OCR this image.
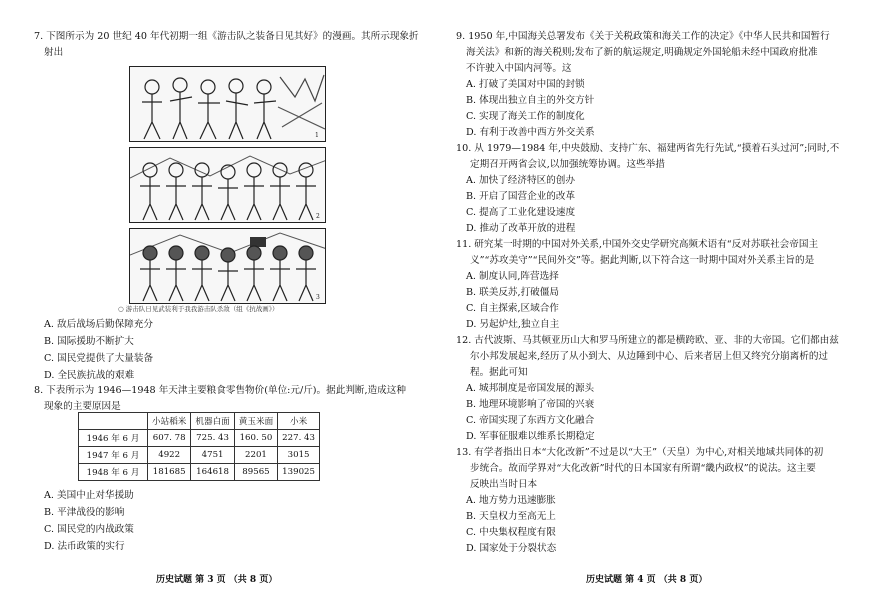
7. 下图所示为 20 世纪 40 年代初期一组《游击队之装备日见其好》的漫画。其所示现象折
射出
1
2
3
○ 游击队日见武装利于我我游击队杀敌（组《抗战画》）
A. 敌后战场后勤保障充分
B. 国际援助不断扩大
C. 国民党提供了大量装备
D. 全民族抗战的艰难
8. 下表所示为 1946—1948 年天津主要粮食零售物价(单位:元/斤)。据此判断,造成这种
现象的主要原因是
	小站稻米	机器白面	黄玉米面	小米
1946 年 6 月	607. 78	725. 43	160. 50	227. 43
1947 年 6 月	4922	4751	2201	3015
1948 年 6 月	181685	164618	89565	139025
A. 美国中止对华援助
B. 平津战役的影响
C. 国民党的内战政策
D. 法币政策的实行
历史试题 第 3 页 （共 8 页）
9. 1950 年,中国海关总署发布《关于关税政策和海关工作的决定》《中华人民共和国暂行
海关法》和新的海关税则;发布了新的航运规定,明确规定外国轮船未经中国政府批准
不许驶入中国内河等。这
A. 打破了美国对中国的封锁
B. 体现出独立自主的外交方针
C. 实现了海关工作的制度化
D. 有利于改善中西方外交关系
10. 从 1979—1984 年,中央鼓励、支持广东、福建两省先行先试,“摸着石头过河”;同时,不
定期召开两省会议,以加强统筹协调。这些举措
A. 加快了经济特区的创办
B. 开启了国营企业的改革
C. 提高了工业化建设速度
D. 推动了改革开放的进程
11. 研究某一时期的中国对外关系,中国外交史学研究高频术语有“反对苏联社会帝国主
义”“苏攻美守”“民间外交”等。据此判断,以下符合这一时期中国对外关系主旨的是
A. 制度认同,阵营选择
B. 联美反苏,打破僵局
C. 自主探索,区域合作
D. 另起炉灶,独立自主
12. 古代波斯、马其顿亚历山大和罗马所建立的都是横跨欧、亚、非的大帝国。它们都由兹
尔小邦发展起来,经历了从小到大、从边陲到中心、后来者居上但又终究分崩离析的过
程。据此可知
A. 城邦制度是帝国发展的源头
B. 地理环境影响了帝国的兴衰
C. 帝国实现了东西方文化融合
D. 军事征服难以维系长期稳定
13. 有学者指出日本“大化改新”不过是以“大王”（天皇）为中心,对相关地域共同体的初
步统合。故而学界对“大化改新”时代的日本国家有所谓“畿内政权”的说法。这主要
反映出当时日本
A. 地方势力迅速膨胀
B. 天皇权力至高无上
C. 中央集权程度有限
D. 国家处于分裂状态
历史试题 第 4 页 （共 8 页）
